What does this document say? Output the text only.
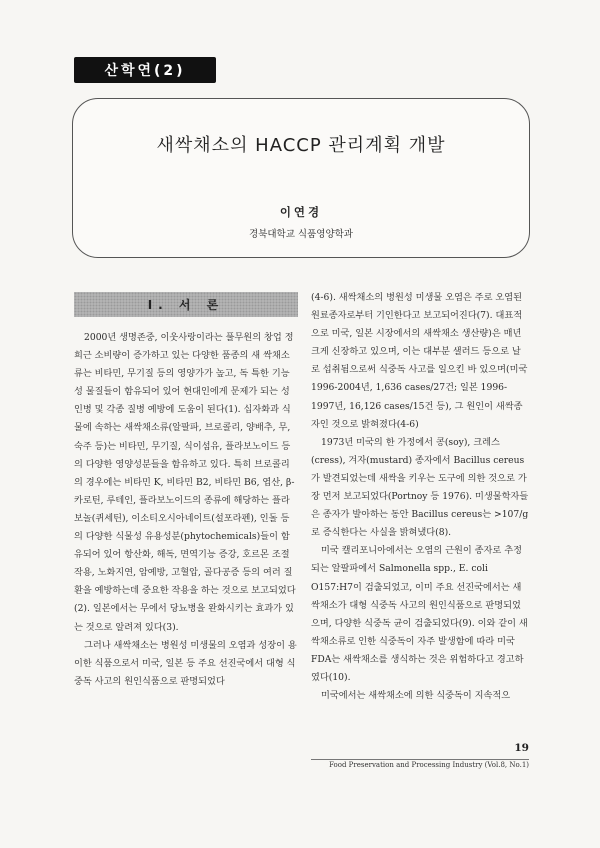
산학연(2)
새싹채소의 HACCP 관리계획 개발
이연경
경북대학교 식품영양학과
Ⅰ. 서 론

2000년 생명존중, 이웃사랑이라는 풀무원의 창업 정희근 소비량이 증가하고 있는 다양한 품종의 새 싹채소류는 비타민, 무기질 등의 영양가가 높고, 독 특한 기능성 물질들이 함유되어 있어 현대인에게 문제가 되는 성인병 및 각종 질병 예방에 도움이 된다(1). 십자화과 식물에 속하는 새싹채소류(알팔파, 브로콜리, 양배추, 무, 숙주 등)는 비타민, 무기질, 식이섬유, 플라보노이드 등의 다양한 영양성분들을 함유하고 있다. 특히 브로콜리의 경우에는 비타민 K, 비타민 B2, 비타민 B6, 엽산, β-카로틴, 루테인, 플라보노이드의 종류에 해당하는 플라보놀(퀴세틴), 이소티오시아네이트(설포라펜), 인돌 등의 다양한 식물성 유용성분(phytochemicals)들이 함유되어 있어 항산화, 해독, 면역기능 증강, 호르몬 조절작용, 노화지연, 암예방, 고혈압, 골다공증 등의 여러 질환을 예방하는데 중요한 작용을 하는 것으로 보고되었다(2). 일본에서는 무에서 당뇨병을 완화시키는 효과가 있는 것으로 알려져 있다(3).

그러나 새싹채소는 병원성 미생물의 오염과 성장이 용이한 식품으로서 미국, 일본 등 주요 선진국에서 대형 식중독 사고의 원인식품으로 판명되었다

(4-6). 새싹채소의 병원성 미생물 오염은 주로 오염된 원료종자로부터 기인한다고 보고되어진다(7). 대표적으로 미국, 일본 시장에서의 새싹채소 생산량)은 매년 크게 신장하고 있으며, 이는 대부분 샐러드 등으로 날로 섭취됨으로써 식중독 사고를 일으킨 바 있으며(미국 1996-2004년, 1,636 cases/27건; 일본 1996-1997년, 16,126 cases/15건 등), 그 원인이 새싹종자인 것으로 밝혀졌다(4-6)

1973년 미국의 한 가정에서 콩(soy), 크레스(cress), 겨자(mustard) 종자에서 Bacillus cereus가 발견되었는데 새싹을 키우는 도구에 의한 것으로 가장 먼저 보고되었다(Portnoy 등 1976). 미생물학자들은 종자가 발아하는 동안 Bacillus cereus는 >107/g로 증식한다는 사실을 밝혀냈다(8).

미국 캘리포니아에서는 오염의 근원이 종자로 추정되는 알팔파에서 Salmonella spp., E. coli O157:H7이 검출되었고, 이미 주요 선진국에서는 새싹채소가 대형 식중독 사고의 원인식품으로 판명되었으며, 다양한 식중독 균이 검출되었다(9). 이와 같이 새싹채소류로 인한 식중독이 자주 발생함에 따라 미국 FDA는 새싹채소를 생식하는 것은 위험하다고 경고하였다(10).

미국에서는 새싹채소에 의한 식중독이 지속적으

19
Food Preservation and Processing Industry (Vol.8, No.1)
